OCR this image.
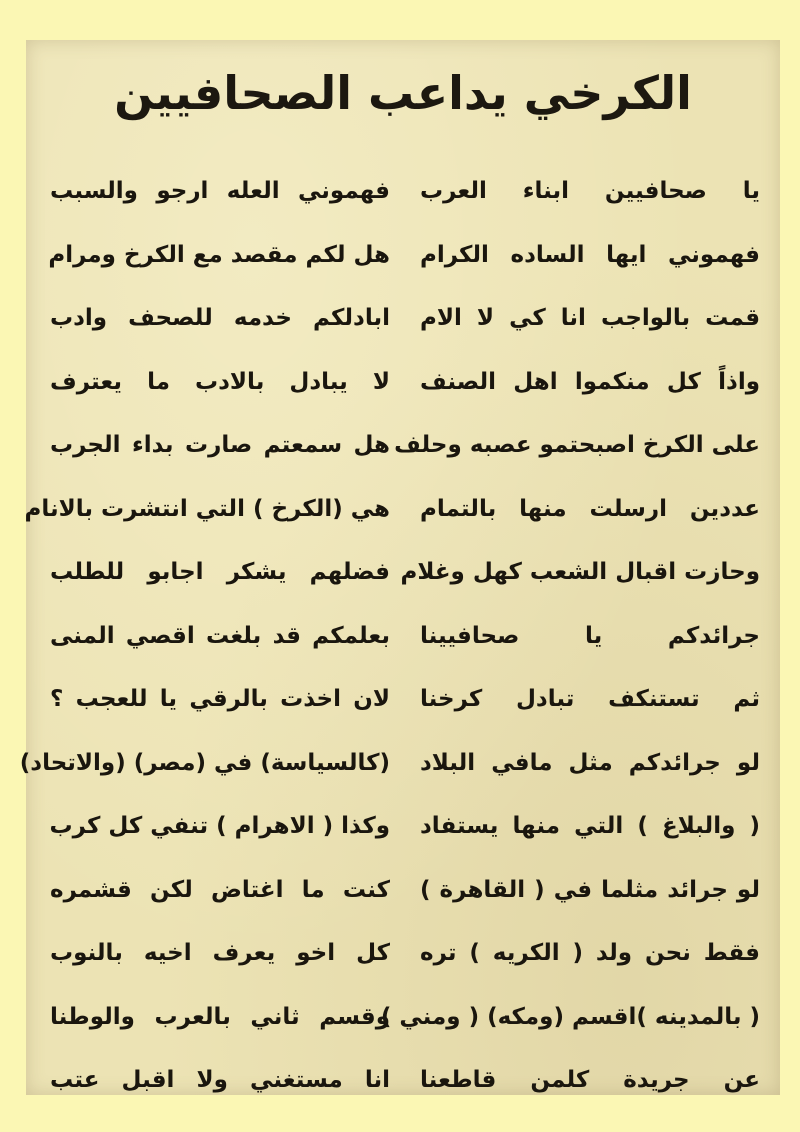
الكرخي يداعب الصحافيين
يا صحافيين ابناء العرب
فهموني ايها الساده الكرام
قمت بالواجب انا كي لا الام
واذاً كل منكموا اهل الصنف
على الكرخ اصبحتمو عصبه وحلف
عددين ارسلت منها بالتمام
وحازت اقبال الشعب كهل وغلام
جرائدكم يا صحافيينا
ثم تستنكف تبادل كرخنا
لو جرائدكم مثل مافي البلاد
( والبلاغ ) التي منها يستفاد
لو جرائد مثلما في ( القاهرة )
فقط نحن ولد ( الكريه ) تره
( بالمدينه )اقسم (ومكه) ( ومني )
عن جريدة كلمن قاطعنا
فهموني العله ارجو والسبب
هل لكم مقصد مع الكرخ ومرام
ابادلكم خدمه للصحف وادب
لا يبادل بالادب ما يعترف
هل سمعتم صارت بداء الجرب
هي (الكرخ ) التي انتشرت بالانام
فضلهم يشكر اجابو للطلب
بعلمكم قد بلغت اقصي المنى
لان اخذت بالرقي يا للعجب ؟
(كالسياسة) في (مصر) (والاتحاد)
وكذا ( الاهرام ) تنفي كل كرب
كنت ما اغتاض لكن قشمره
كل اخو يعرف اخيه بالنوب
وقسم ثاني بالعرب والوطنا
انا مستغني ولا اقبل عتب
